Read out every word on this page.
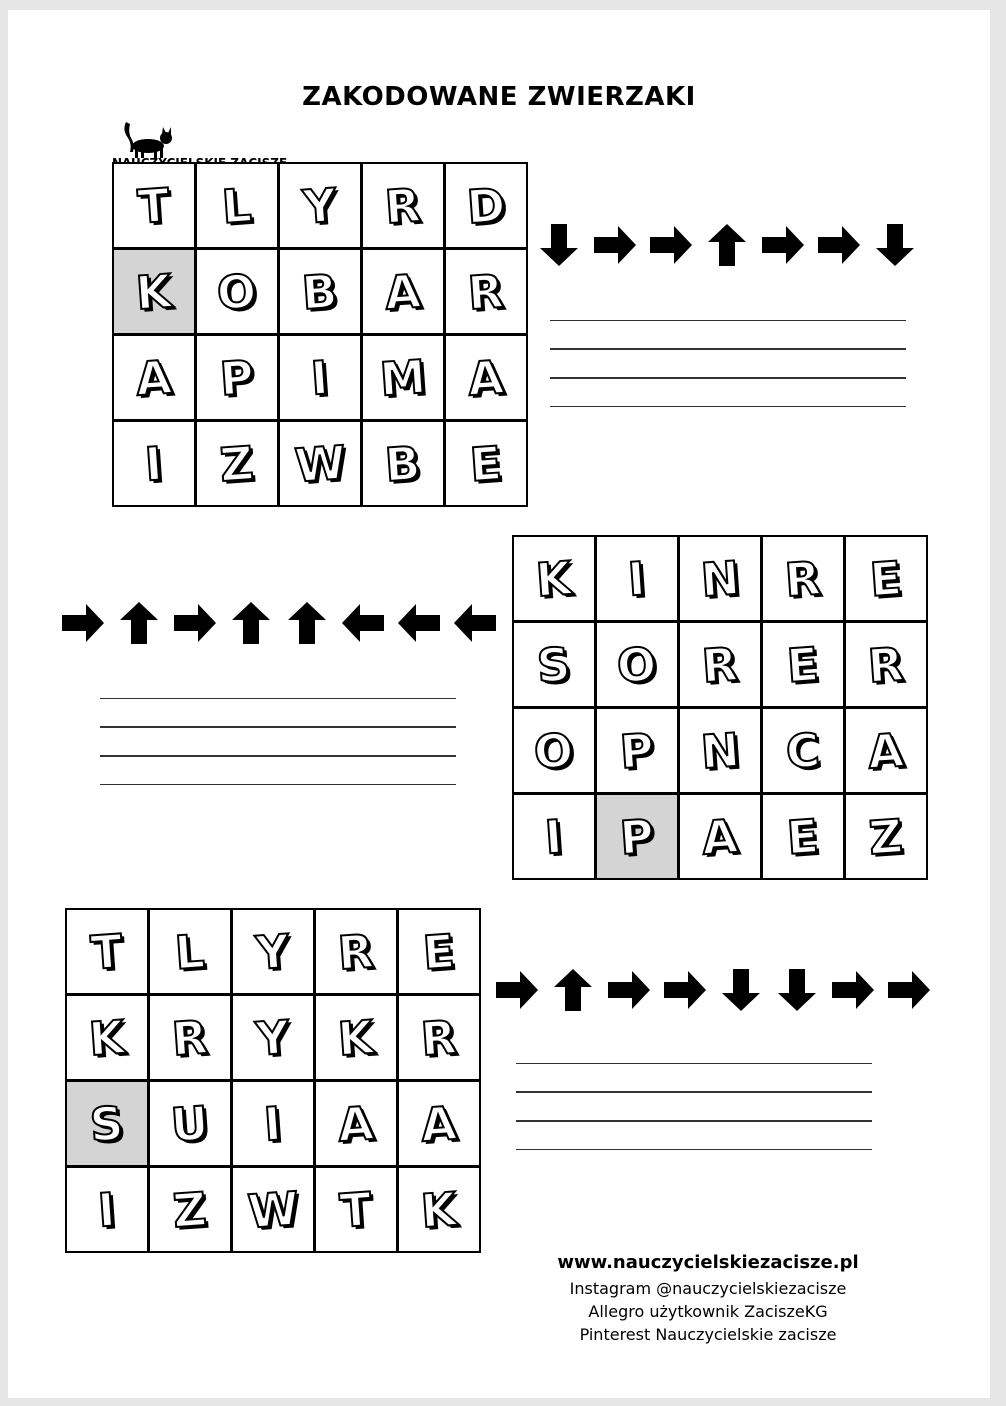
ZAKODOWANE ZWIERZAKI
T L Y R D
K O B A R
A P I M A
I Z W B E
K I N R E
S O R E R
O P N C A
I P A E Z
T L Y R E
K R Y K R
S U I A A
I Z W T K
www.nauczycielskiezacisze.pl
Instagram @nauczycielskiezacisze
Allegro użytkownik ZaciszeKG
Pinterest Nauczycielskie zacisze
